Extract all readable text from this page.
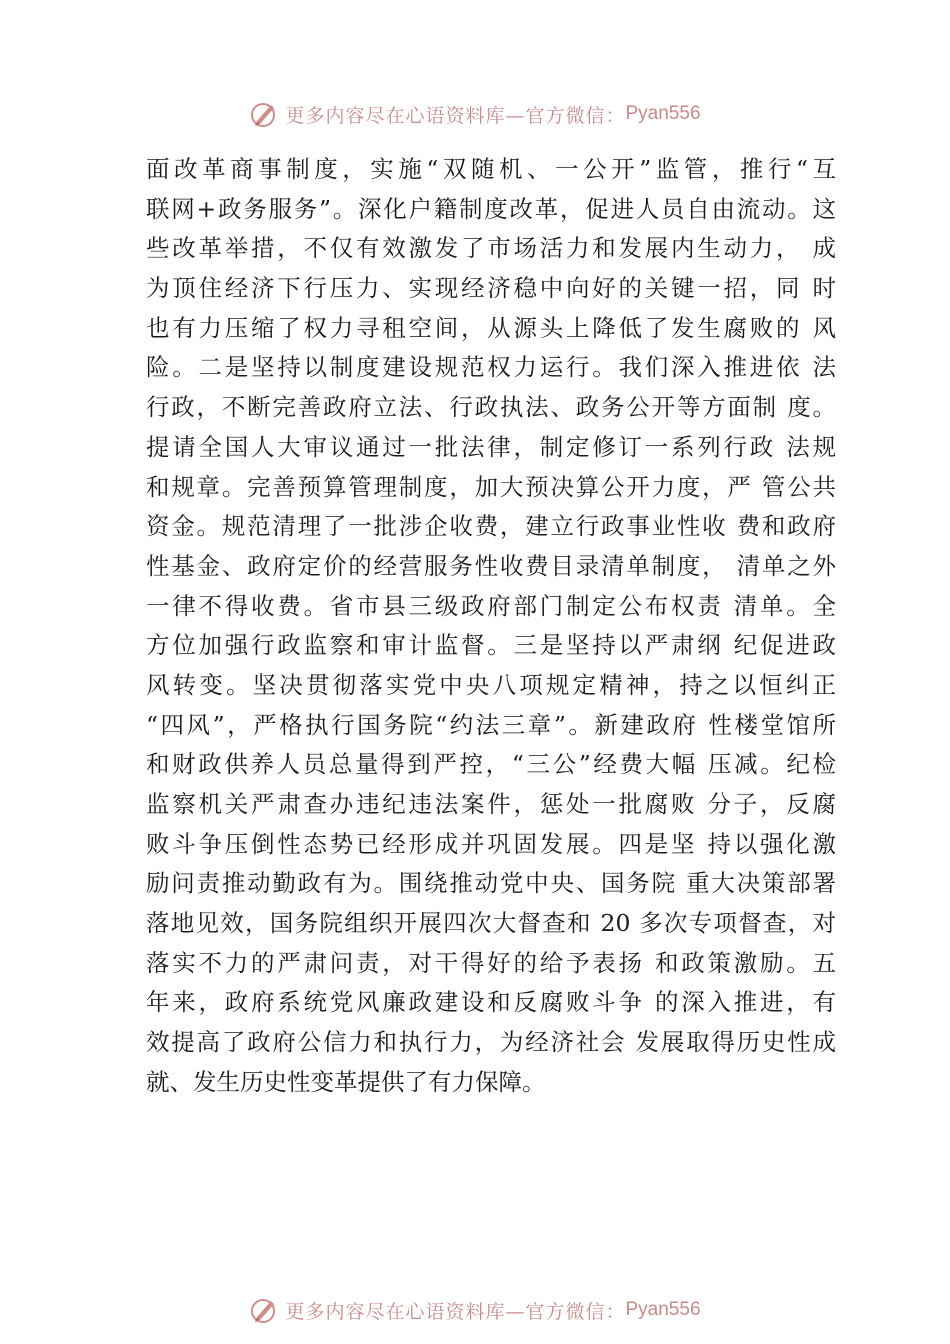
更多内容尽在心语资料库—官方微信： Pyan556
面改革商事制度，实施“双随机、一公开”监管，推行“互
联网+政务服务”。深化户籍制度改革，促进人员自由流动。这
些改革举措，不仅有效激发了市场活力和发展内生动力， 成
为顶住经济下行压力、实现经济稳中向好的关键一招，同 时
也有力压缩了权力寻租空间，从源头上降低了发生腐败的 风
险。二是坚持以制度建设规范权力运行。我们深入推进依 法
行政，不断完善政府立法、行政执法、政务公开等方面制 度。
提请全国人大审议通过一批法律，制定修订一系列行政 法规
和规章。完善预算管理制度，加大预决算公开力度，严 管公共
资金。规范清理了一批涉企收费，建立行政事业性收 费和政府
性基金、政府定价的经营服务性收费目录清单制度， 清单之外
一律不得收费。省市县三级政府部门制定公布权责 清单。全
方位加强行政监察和审计监督。三是坚持以严肃纲 纪促进政
风转变。坚决贯彻落实党中央八项规定精神，持之以恒纠正
“四风”，严格执行国务院“约法三章”。新建政府 性楼堂馆所
和财政供养人员总量得到严控，“三公”经费大幅 压减。纪检
监察机关严肃查办违纪违法案件，惩处一批腐败 分子，反腐
败斗争压倒性态势已经形成并巩固发展。四是坚 持以强化激
励问责推动勤政有为。围绕推动党中央、国务院 重大决策部署
落地见效，国务院组织开展四次大督查和 20 多次专项督查，对
落实不力的严肃问责，对干得好的给予表扬 和政策激励。五
年来，政府系统党风廉政建设和反腐败斗争 的深入推进，有
效提高了政府公信力和执行力，为经济社会 发展取得历史性成
就、发生历史性变革提供了有力保障。
更多内容尽在心语资料库—官方微信： Pyan556
